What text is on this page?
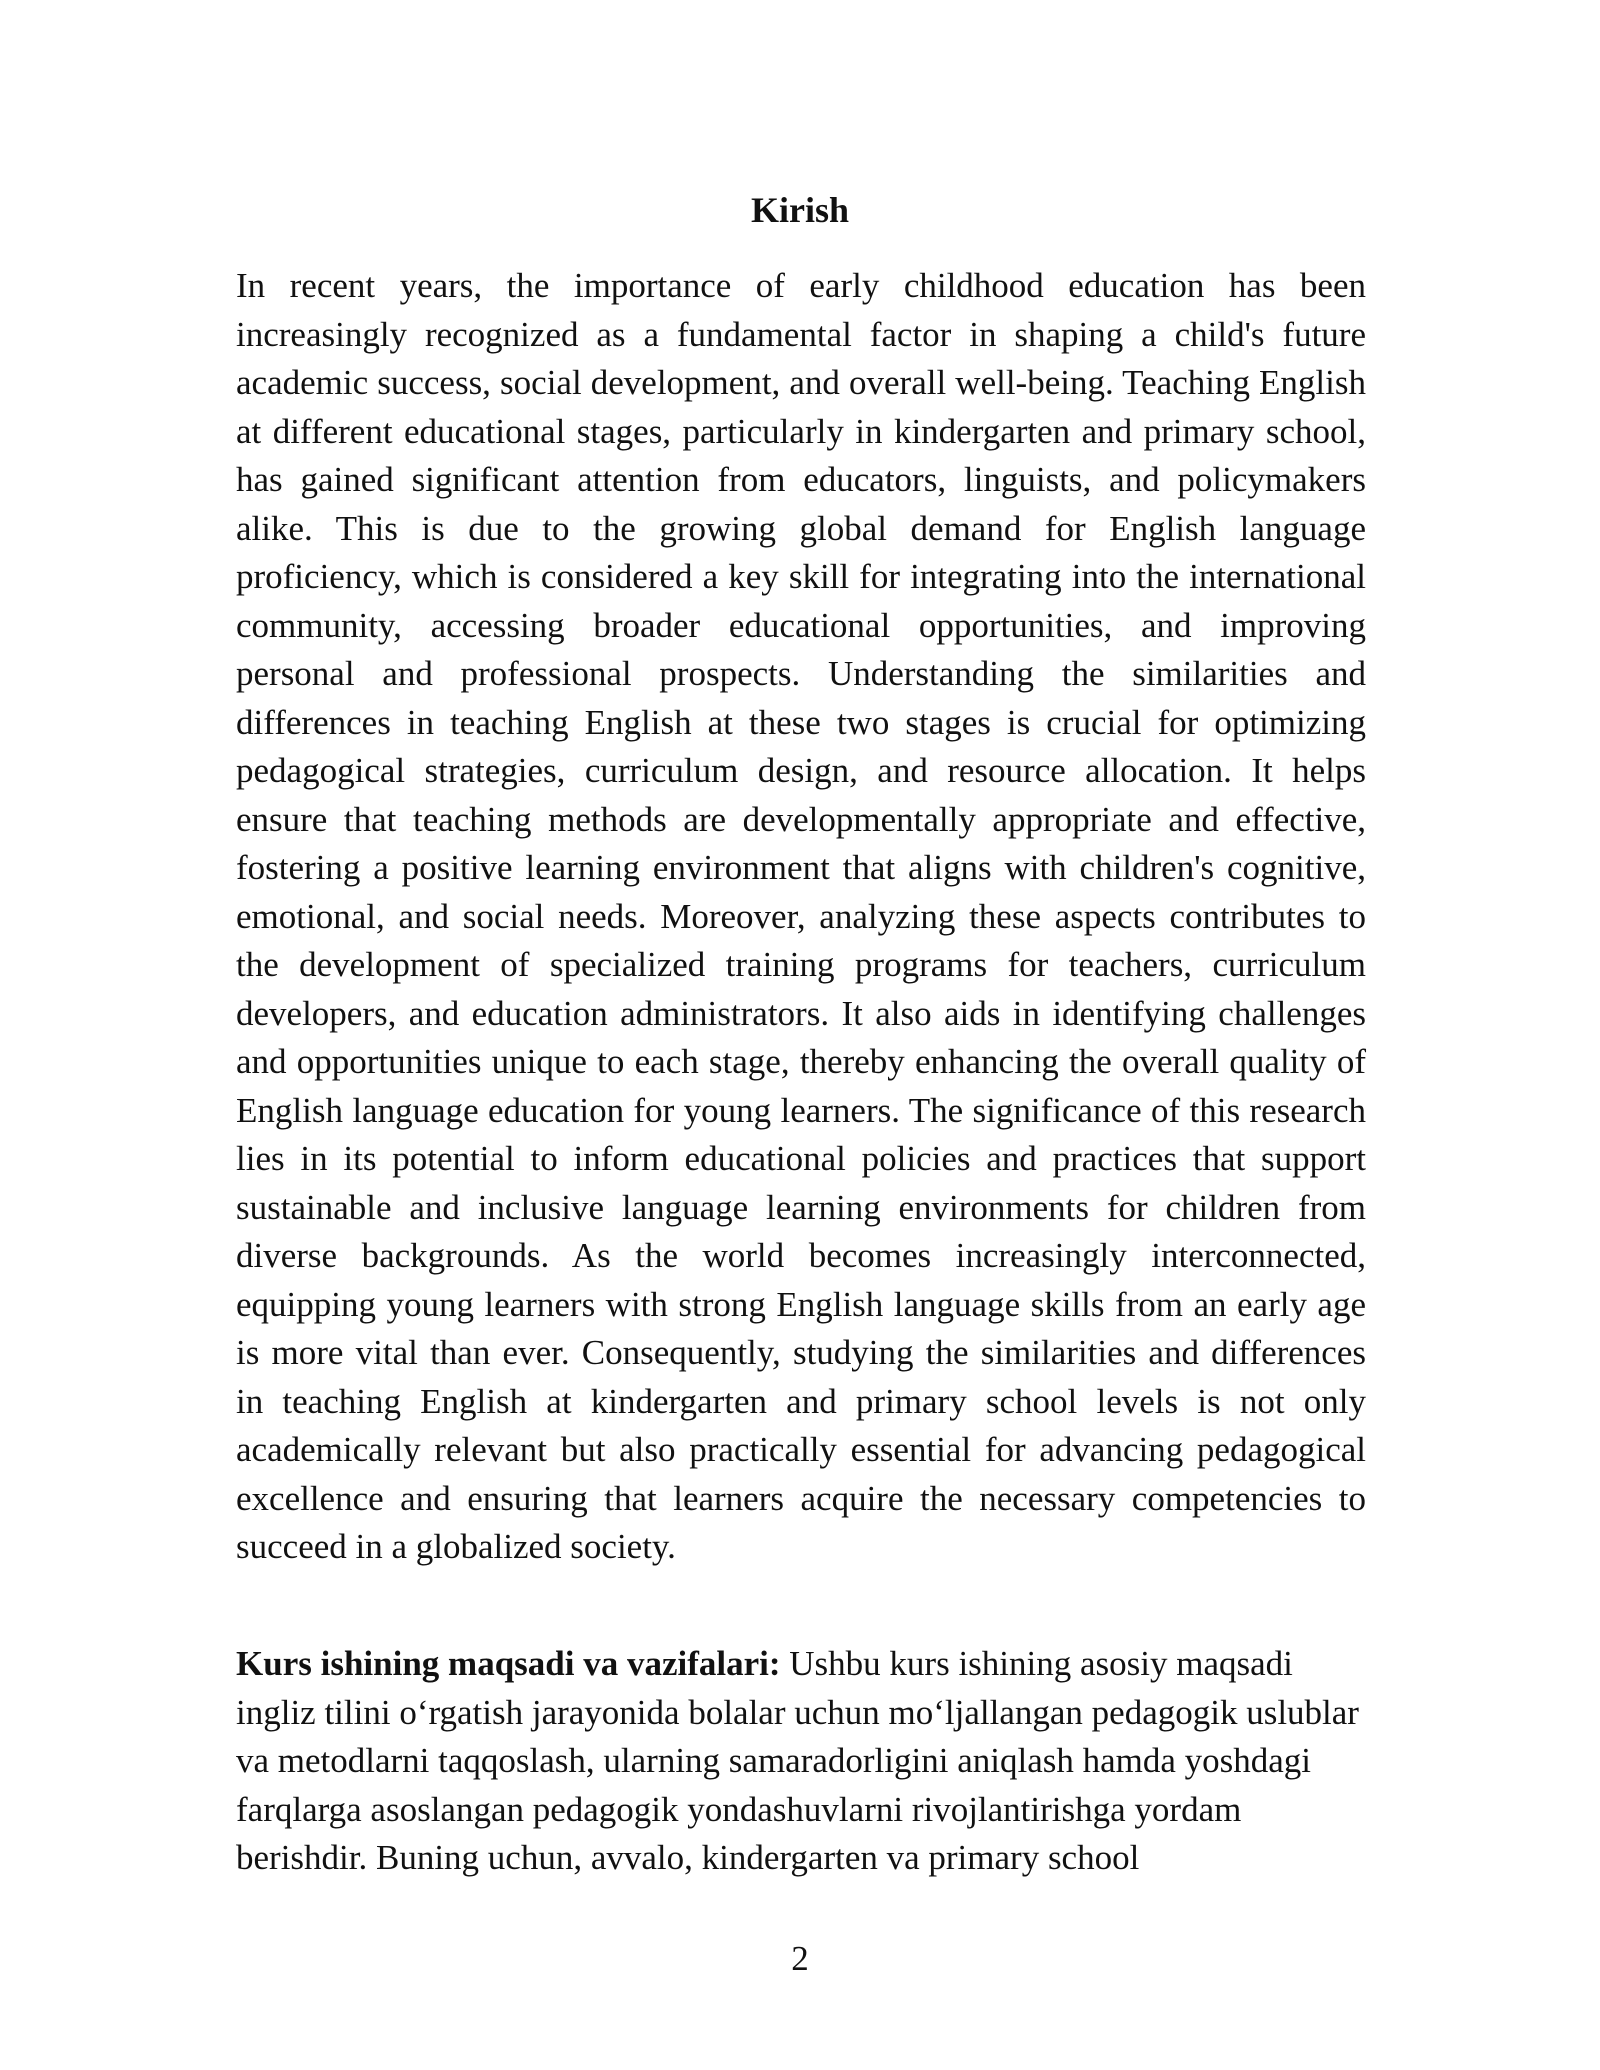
Kirish

In recent years, the importance of early childhood education has been increasingly recognized as a fundamental factor in shaping a child's future academic success, social development, and overall well-being. Teaching English at different educational stages, particularly in kindergarten and primary school, has gained significant attention from educators, linguists, and policymakers alike. This is due to the growing global demand for English language proficiency, which is considered a key skill for integrating into the international community, accessing broader educational opportunities, and improving personal and professional prospects. Understanding the similarities and differences in teaching English at these two stages is crucial for optimizing pedagogical strategies, curriculum design, and resource allocation. It helps ensure that teaching methods are developmentally appropriate and effective, fostering a positive learning environment that aligns with children's cognitive, emotional, and social needs. Moreover, analyzing these aspects contributes to the development of specialized training programs for teachers, curriculum developers, and education administrators. It also aids in identifying challenges and opportunities unique to each stage, thereby enhancing the overall quality of English language education for young learners. The significance of this research lies in its potential to inform educational policies and practices that support sustainable and inclusive language learning environments for children from diverse backgrounds. As the world becomes increasingly interconnected, equipping young learners with strong English language skills from an early age is more vital than ever. Consequently, studying the similarities and differences in teaching English at kindergarten and primary school levels is not only academically relevant but also practically essential for advancing pedagogical excellence and ensuring that learners acquire the necessary competencies to succeed in a globalized society.

Kurs ishining maqsadi va vazifalari: Ushbu kurs ishining asosiy maqsadi ingliz tilini o‘rgatish jarayonida bolalar uchun mo‘ljallangan pedagogik uslublar va metodlarni taqqoslash, ularning samaradorligini aniqlash hamda yoshdagi farqlarga asoslangan pedagogik yondashuvlarni rivojlantirishga yordam berishdir. Buning uchun, avvalo, kindergarten va primary school

2
